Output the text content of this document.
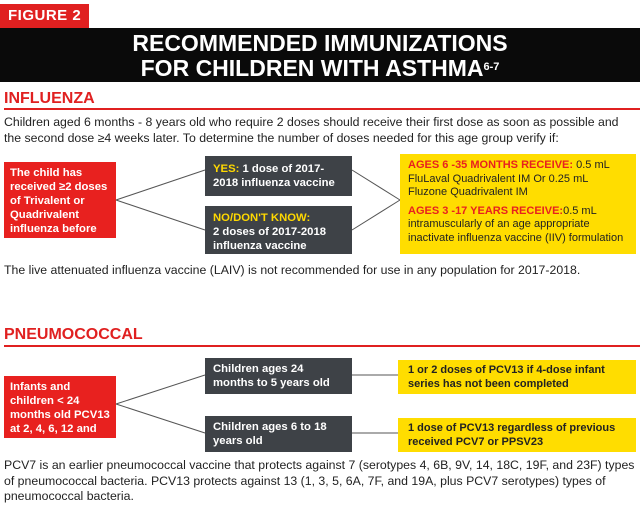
FIGURE 2
RECOMMENDED IMMUNIZATIONS
FOR CHILDREN WITH ASTHMA$^{6-7}$
INFLUENZA
Children aged 6 months - 8 years old who require 2 doses should receive their first dose as soon as possible and the second dose ≥4 weeks later. To determine the number of doses needed for this age group verify if:
The child has received ≥2 doses of Trivalent or Quadrivalent influenza before July 1, 2017?
YES: 1 dose of 2017-2018 influenza vaccine
NO/DON'T KNOW:
2 doses of 2017-2018 influenza vaccine
AGES 6 -35 MONTHS RECEIVE: 0.5 mL
FluLaval Quadrivalent IM Or 0.25 mL Fluzone Quadrivalent IM
AGES 3 -17 YEARS RECEIVE:0.5 mL
intramuscularly of an age appropriate inactivate influenza vaccine (IIV) formulation
The live attenuated influenza vaccine (LAIV) is not recommended for use in any population for 2017-2018.
PNEUMOCOCCAL
Infants and children < 24 months old PCV13 at 2, 4, 6, 12 and 15 months
Children ages 24 months to 5 years old
Children ages 6 to 18 years old
1 or 2 doses of PCV13 if 4-dose infant series has not been completed
1 dose of PCV13 regardless of previous received PCV7 or PPSV23
PCV7 is an earlier pneumococcal vaccine that protects against 7 (serotypes 4, 6B, 9V, 14, 18C, 19F, and 23F) types of pneumococcal bacteria. PCV13 protects against 13 (1, 3, 5, 6A, 7F, and 19A, plus PCV7 serotypes) types of pneumococcal bacteria.
